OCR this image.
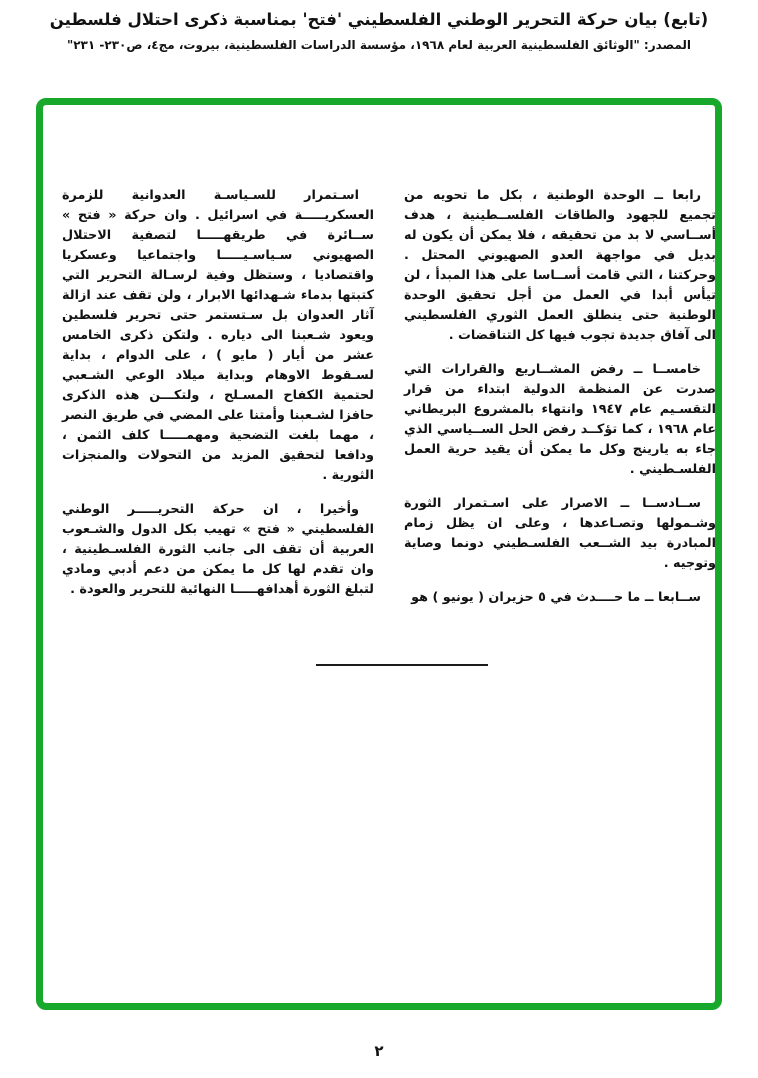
(تابع) بيان حركة التحرير الوطني الفلسطيني 'فتح' بمناسبة ذكرى احتلال فلسطين
المصدر: "الوثائق الفلسطينية العربية لعام ١٩٦٨، مؤسسة الدراسات الفلسطينية، بيروت، مج٤، ص٢٣٠- ٢٣١"

رابعا ــ الوحدة الوطنية ، بكل ما تحويه من تجميع للجهود والطاقات الفلســطينية ، هدف أســاسي لا بد من تحقيقه ، فلا يمكن أن يكون له بديل في مواجهة العدو الصهيوني المحتل . وحركتنا ، التي قامت أســاسا على هذا المبدأ ، لن تيأس أبدا في العمل من أجل تحقيق الوحدة الوطنية حتى ينطلق العمل الثوري الفلسطيني الى آفاق جديدة تجوب فيها كل التناقضات .

خامســا ــ رفض المشــاريع والقرارات التي صدرت عن المنظمة الدولية ابتداء من قرار التقسـيم عام ١٩٤٧ وانتهاء بالمشروع البريطاني عام ١٩٦٨ ، كما تؤكــد رفض الحل الســياسي الذي جاء به يارينج وكل ما يمكن أن يقيد حرية العمل الفلسـطيني .

ســادســا ــ الاصرار على اسـتمرار الثورة وشـمولها وتصـاعدها ، وعلى ان يظل زمام المبادرة بيد الشــعب الفلسـطيني دونما وصاية وتوجيه .

ســابعا ــ ما حــــدث في ٥ حزيران ( يونيو ) هو

اسـتمرار للسـياسـة العدوانية للزمرة العسكريـــــة في اسرائيل . وان حركة « فتح » ســائرة في طريقهـــــا لتصفية الاحتلال الصهيوني سـياسـيـــــا واجتماعيا وعسكريا واقتصاديا ، وستظل وفية لرسـالة التحرير التي كتبتها بدماء شـهدائها الابرار ، ولن تقف عند ازالة آثار العدوان بل سـتستمر حتى تحرير فلسطين ويعود شـعبنا الى دياره . ولتكن ذكرى الخامس عشر من أيار ( مايو ) ، على الدوام ، بداية لسـقوط الاوهام وبداية ميلاد الوعي الشـعبي لحتمية الكفاح المسـلح ، ولتكـــن هذه الذكرى حافزا لشـعبنا وأمتنا على المضي في طريق النصر ، مهما بلغت التضحية ومهمـــــا كلف الثمن ، ودافعا لتحقيق المزيد من التحولات والمنجزات الثورية .

وأخيرا ، ان حركة التحريـــــر الوطني الفلسطيني « فتح » تهيب بكل الدول والشـعوب العربية أن تقف الى جانب الثورة الفلسـطينية ، وان تقدم لها كل ما يمكن من دعم أدبي ومادي لتبلغ الثورة أهدافهـــــا النهائية للتحرير والعودة .

٢
